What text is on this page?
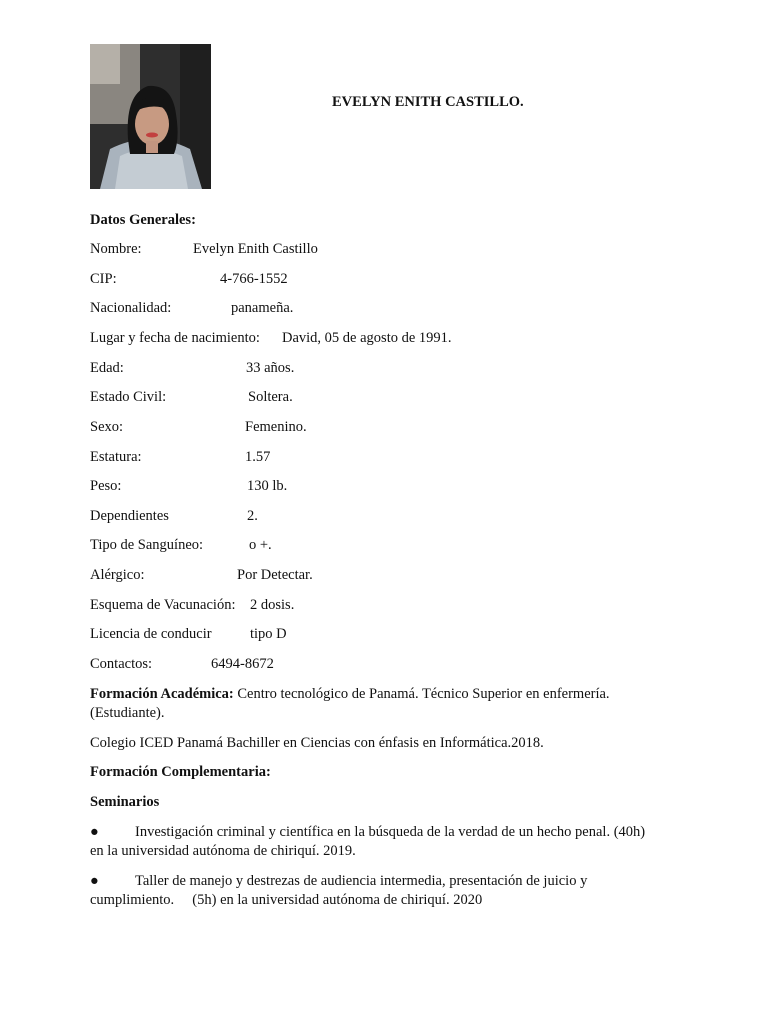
EVELYN ENITH CASTILLO.
Datos Generales:
Nombre:	Evelyn Enith Castillo
CIP:	4-766-1552
Nacionalidad:	panameña.
Lugar y fecha de nacimiento: David, 05 de agosto de 1991.
Edad:	33 años.
Estado Civil:	Soltera.
Sexo:	Femenino.
Estatura:	1.57
Peso:	130 lb.
Dependientes	2.
Tipo de Sanguíneo:	o +.
Alérgico:	Por Detectar.
Esquema de Vacunación: 2 dosis.
Licencia de conducir	tipo D
Contactos:	6494-8672
Formación Académica: Centro tecnológico de Panamá. Técnico Superior en enfermería. (Estudiante).
Colegio ICED Panamá Bachiller en Ciencias con énfasis en Informática.2018.
Formación Complementaria:
Seminarios
● Investigación criminal y científica en la búsqueda de la verdad de un hecho penal. (40h) en la universidad autónoma de chiriquí. 2019.
● Taller de manejo y destrezas de audiencia intermedia, presentación de juicio y cumplimiento.     (5h) en la universidad autónoma de chiriquí. 2020
